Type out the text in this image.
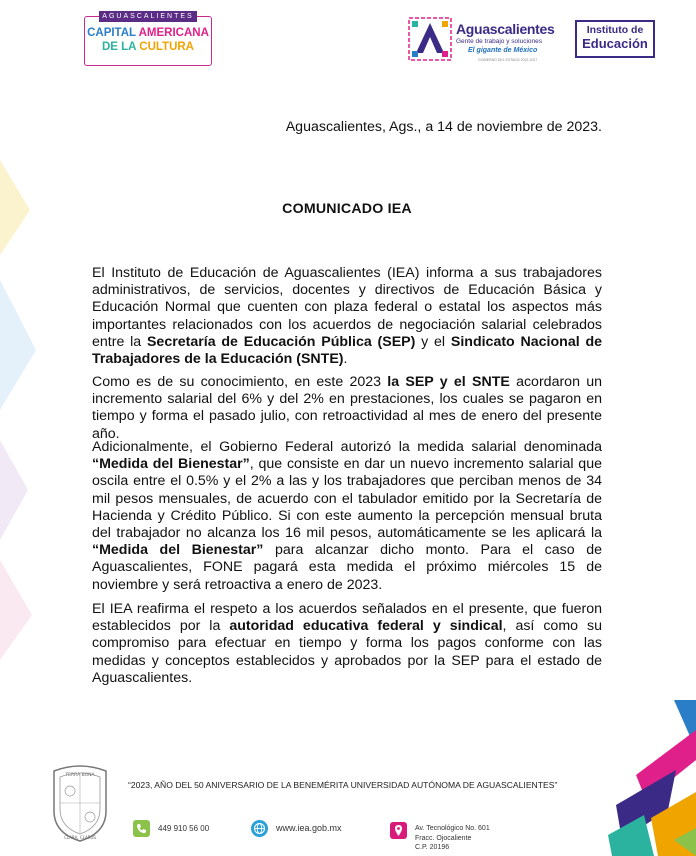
AGUASCALIENTES
CAPITAL AMERICANA
DE LA CULTURA
Aguascalientes
Gente de trabajo y soluciones
El gigante de México
GOBIERNO DEL ESTADO 2022-2027
Instituto de
Educación
Aguascalientes, Ags., a 14 de noviembre de 2023.
COMUNICADO IEA

El Instituto de Educación de Aguascalientes (IEA) informa a sus trabajadores administrativos, de servicios, docentes y directivos de Educación Básica y Educación Normal que cuenten con plaza federal o estatal los aspectos más importantes relacionados con los acuerdos de negociación salarial celebrados entre la Secretaría de Educación Pública (SEP) y el Sindicato Nacional de Trabajadores de la Educación (SNTE).

Como es de su conocimiento, en este 2023 la SEP y el SNTE acordaron un incremento salarial del 6% y del 2% en prestaciones, los cuales se pagaron en tiempo y forma el pasado julio, con retroactividad al mes de enero del presente año.

Adicionalmente, el Gobierno Federal autorizó la medida salarial denominada “Medida del Bienestar”, que consiste en dar un nuevo incremento salarial que oscila entre el 0.5% y el 2% a las y los trabajadores que perciban menos de 34 mil pesos mensuales, de acuerdo con el tabulador emitido por la Secretaría de Hacienda y Crédito Público. Si con este aumento la percepción mensual bruta del trabajador no alcanza los 16 mil pesos, automáticamente se les aplicará la “Medida del Bienestar” para alcanzar dicho monto. Para el caso de Aguascalientes, FONE pagará esta medida el próximo miércoles 15 de noviembre y será retroactiva a enero de 2023.

El IEA reafirma el respeto a los acuerdos señalados en el presente, que fueron establecidos por la autoridad educativa federal y sindical, así como su compromiso para efectuar en tiempo y forma los pagos conforme con las medidas y conceptos establecidos y aprobados por la SEP para el estado de Aguascalientes.

TERRA BONA
CLARA, CLARUS
“2023, AÑO DEL 50 ANIVERSARIO DE LA BENEMÉRITA UNIVERSIDAD AUTÓNOMA DE AGUASCALIENTES”
449 910 56 00	www.iea.gob.mx	Av. Tecnológico No. 601
Fracc. Ojocaliente
C.P. 20196
